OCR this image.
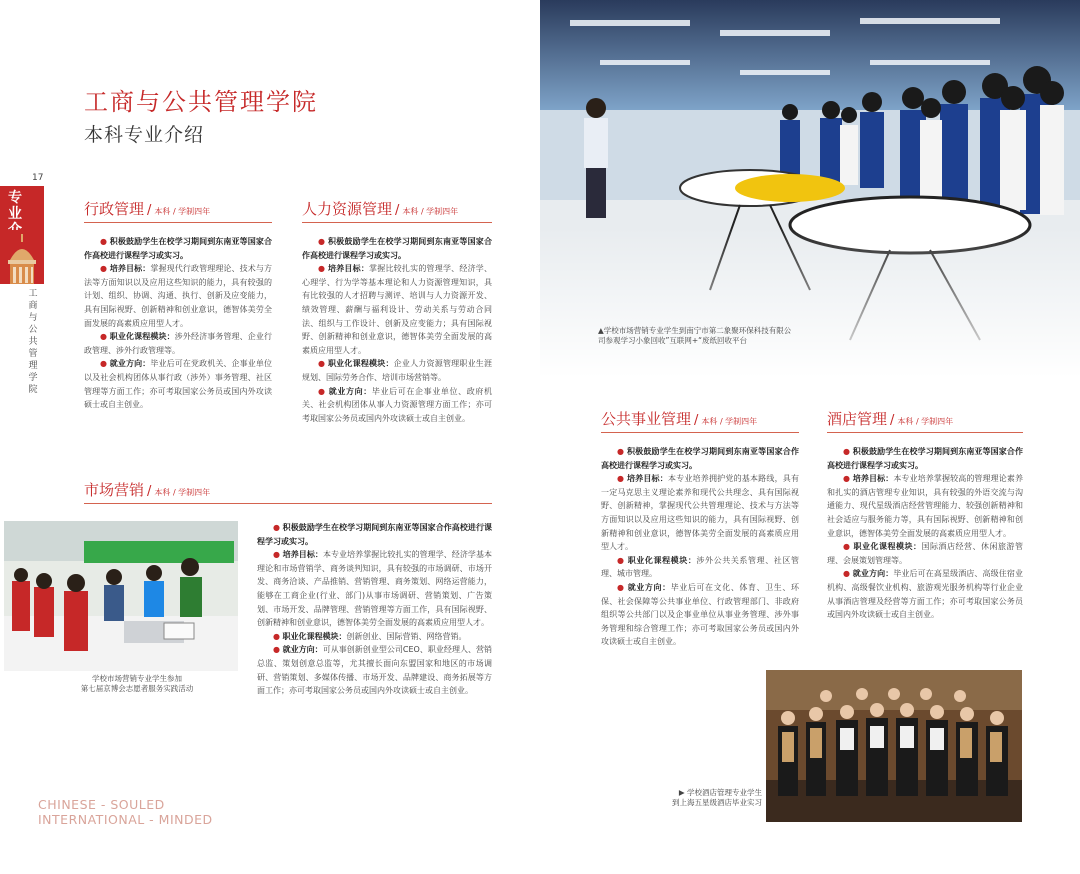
17
专业
工商与公共管理学院
工商与公共管理学院
本科专业介绍
▲学校市场营销专业学生到南宁市第二象聚环保科技有限公司参观学习小象回收”互联网+“废纸回收平台
行政管理 / 本科 / 学制四年

● 积极鼓励学生在校学习期间到东南亚等国家合作高校进行课程学习或实习。

● 培养目标：掌握现代行政管理理论、技术与方法等方面知识以及应用这些知识的能力，具有较强的计划、组织、协调、沟通、执行、创新及应变能力，具有国际视野、创新精神和创业意识，德智体美劳全面发展的高素质应用型人才。

● 职业化课程模块：涉外经济事务管理、企业行政管理、涉外行政管理等。

● 就业方向：毕业后可在党政机关、企事业单位以及社会机构团体从事行政（涉外）事务管理、社区管理等方面工作；亦可考取国家公务员或国内外攻读硕士或自主创业。

人力资源管理 / 本科 / 学制四年

● 积极鼓励学生在校学习期间到东南亚等国家合作高校进行课程学习或实习。

● 培养目标：掌握比较扎实的管理学、经济学、心理学、行为学等基本理论和人力资源管理知识，具有比较强的人才招聘与测评、培训与人力资源开发、绩效管理、薪酬与福利设计、劳动关系与劳动合同法、组织与工作设计、创新及应变能力；具有国际视野、创新精神和创业意识，德智体美劳全面发展的高素质应用型人才。

● 职业化课程模块：企业人力资源管理职业生涯规划、国际劳务合作、培训市场营销等。

● 就业方向：毕业后可在企事业单位、政府机关、社会机构团体从事人力资源管理方面工作；亦可考取国家公务员或国内外攻读硕士或自主创业。

市场营销 / 本科 / 学制四年

● 积极鼓励学生在校学习期间到东南亚等国家合作高校进行课程学习或实习。

● 培养目标：本专业培养掌握比较扎实的管理学、经济学基本理论和市场营销学、商务谈判知识，具有较强的市场调研、市场开发、商务洽谈、产品推销、营销管理、商务策划、网络运营能力，能够在工商企业(行业、部门)从事市场调研、营销策划、广告策划、市场开发、品牌管理、营销管理等方面工作，具有国际视野、创新精神和创业意识，德智体美劳全面发展的高素质应用型人才。

● 职业化课程模块：创新创业、国际营销、网络营销。

● 就业方向：可从事创新创业型公司CEO、职业经理人、营销总监、策划创意总监等，尤其擅长面向东盟国家和地区的市场调研、营销策划、多媒体传播、市场开发、品牌建设、商务拓展等方面工作；亦可考取国家公务员或国内外攻读硕士或自主创业。

学校市场营销专业学生参加
第七届京博会志愿者服务实践活动
公共事业管理 / 本科 / 学制四年

● 积极鼓励学生在校学习期间到东南亚等国家合作高校进行课程学习或实习。

● 培养目标：本专业培养拥护党的基本路线，具有一定马克思主义理论素养和现代公共理念、具有国际视野、创新精神，掌握现代公共管理理论、技术与方法等方面知识以及应用这些知识的能力，具有国际视野、创新精神和创业意识，德智体美劳全面发展的高素质应用型人才。

● 职业化课程模块：涉外公共关系管理、社区管理、城市管理。

● 就业方向：毕业后可在文化、体育、卫生、环保、社会保障等公共事业单位、行政管理部门、非政府组织等公共部门以及企事业单位从事业务管理、涉外事务管理和综合管理工作；亦可考取国家公务员或国内外攻读硕士或自主创业。

酒店管理 / 本科 / 学制四年

● 积极鼓励学生在校学习期间到东南亚等国家合作高校进行课程学习或实习。

● 培养目标：本专业培养掌握较高的管理理论素养和扎实的酒店管理专业知识，具有较强的外语交流与沟通能力、现代星级酒店经营管理能力、较强创新精神和社会适应与服务能力等，具有国际视野、创新精神和创业意识，德智体美劳全面发展的高素质应用型人才。

● 职业化课程模块：国际酒店经营、休闲旅游管理、会展策划管理等。

● 就业方向：毕业后可在高星级酒店、高级住宿业机构、高级餐饮业机构、旅游观光服务机构等行业企业从事酒店管理及经营等方面工作；亦可考取国家公务员或国内外攻读硕士或自主创业。

▶ 学校酒店管理专业学生
到上海五星级酒店毕业实习
CHINESE - SOULED
INTERNATIONAL - MINDED
